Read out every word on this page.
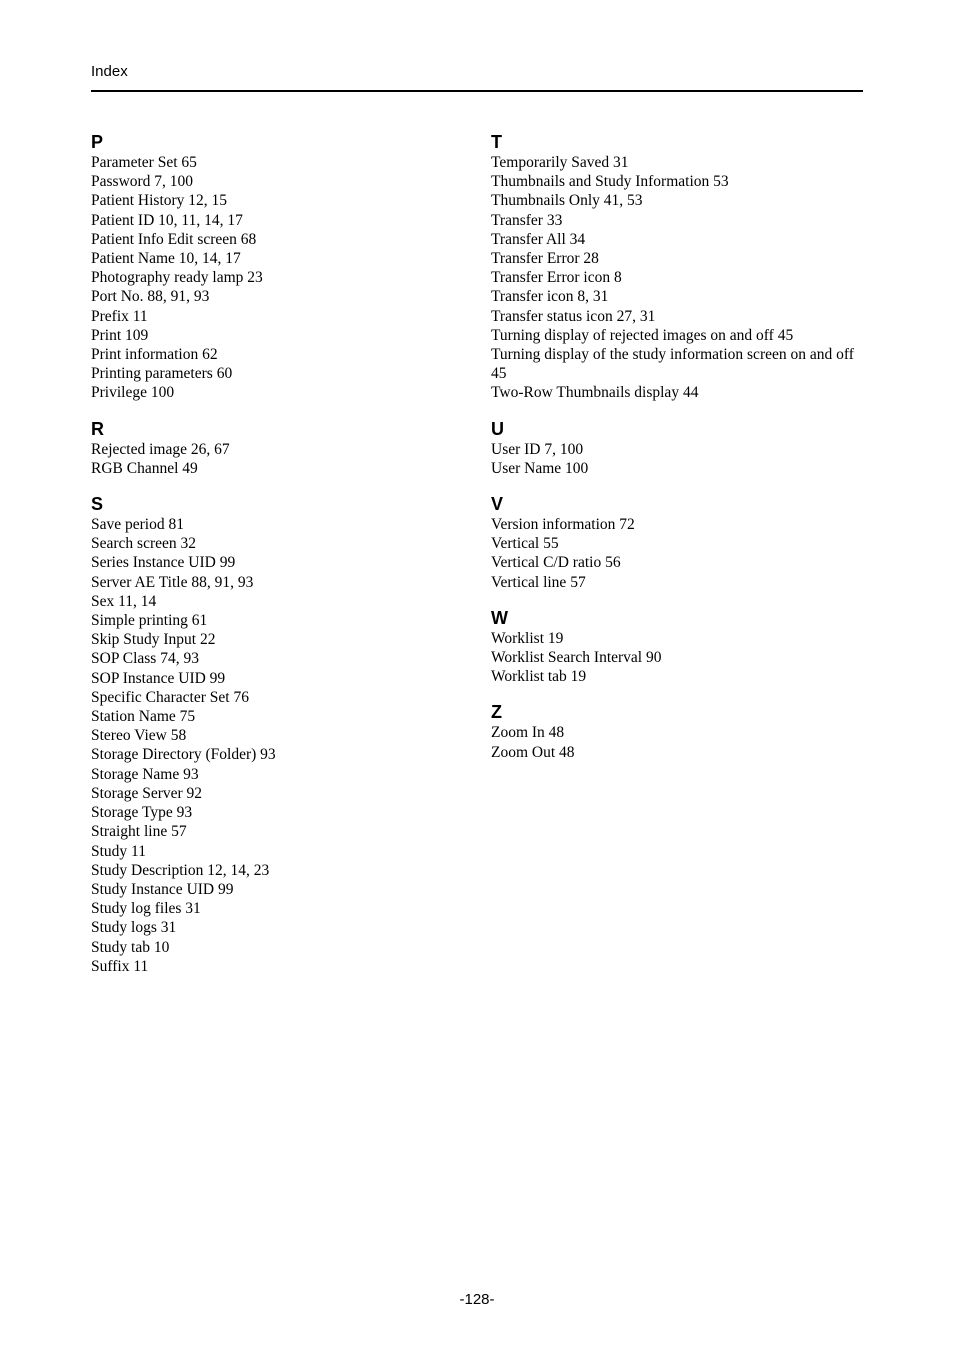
Index
P
Parameter Set 65
Password 7, 100
Patient History 12, 15
Patient ID 10, 11, 14, 17
Patient Info Edit screen 68
Patient Name 10, 14, 17
Photography ready lamp 23
Port No. 88, 91, 93
Prefix 11
Print 109
Print information 62
Printing parameters 60
Privilege 100
R
Rejected image 26, 67
RGB Channel 49
S
Save period 81
Search screen 32
Series Instance UID 99
Server AE Title 88, 91, 93
Sex 11, 14
Simple printing 61
Skip Study Input 22
SOP Class 74, 93
SOP Instance UID 99
Specific Character Set 76
Station Name 75
Stereo View 58
Storage Directory (Folder) 93
Storage Name 93
Storage Server 92
Storage Type 93
Straight line 57
Study 11
Study Description 12, 14, 23
Study Instance UID 99
Study log files 31
Study logs 31
Study tab 10
Suffix 11
T
Temporarily Saved 31
Thumbnails and Study Information 53
Thumbnails Only 41, 53
Transfer 33
Transfer All 34
Transfer Error 28
Transfer Error icon 8
Transfer icon 8, 31
Transfer status icon 27, 31
Turning display of rejected images on and off 45
Turning display of the study information screen on and off 45
Two-Row Thumbnails display 44
U
User ID 7, 100
User Name 100
V
Version information 72
Vertical 55
Vertical C/D ratio 56
Vertical line 57
W
Worklist 19
Worklist Search Interval 90
Worklist tab 19
Z
Zoom In 48
Zoom Out 48
-128-
